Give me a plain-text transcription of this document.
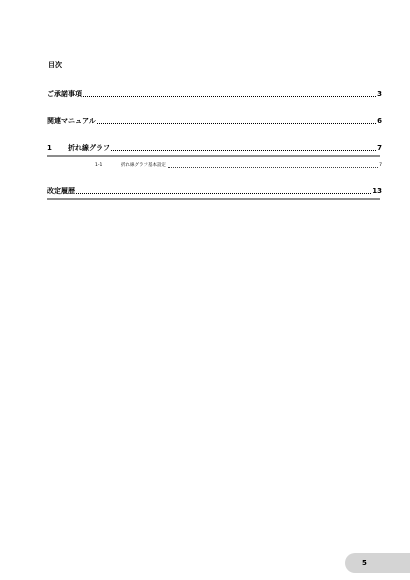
目次
ご承諾事項	3
関連マニュアル	6
1	折れ線グラフ	7
1-1	折れ線グラフ基本設定	7
改定履歴	13
5
